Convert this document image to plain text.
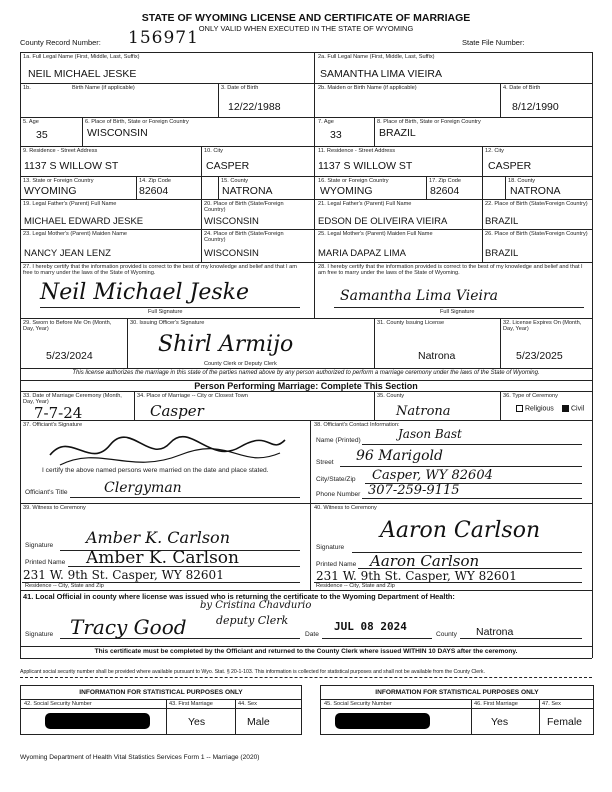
STATE OF WYOMING LICENSE AND CERTIFICATE OF MARRIAGE
ONLY VALID WHEN EXECUTED IN THE STATE OF WYOMING
County Record Number: 156971	State File Number:
1a. Full Legal Name (First, Middle, Last, Suffix)
NEIL MICHAEL JESKE
2a. Full Legal Name (First, Middle, Last, Suffix)
SAMANTHA LIMA VIEIRA
1b.	Birth Name (if applicable)	3. Date of Birth
12/22/1988
2b. Maiden or Birth Name (if applicable)	4. Date of Birth
8/12/1990
5. Age
35
6. Place of Birth, State or Foreign Country
WISCONSIN
7. Age
33
8. Place of Birth, State or Foreign Country
BRAZIL
9. Residence - Street Address
1137 S WILLOW ST
10. City
CASPER
11. Residence - Street Address
1137 S WILLOW ST
12. City
CASPER
13. State or Foreign Country
WYOMING
14. Zip Code
82604
15. County
NATRONA
16. State or Foreign Country
WYOMING
17. Zip Code
82604
18. County
NATRONA
19. Legal Father's (Parent) Full Name
MICHAEL EDWARD JESKE
20. Place of Birth (State/Foreign Country)
WISCONSIN
21. Legal Father's (Parent) Full Name
EDSON DE OLIVEIRA VIEIRA
22. Place of Birth (State/Foreign Country)
BRAZIL
23. Legal Mother's (Parent) Maiden Name
NANCY JEAN LENZ
24. Place of Birth (State/Foreign Country)
WISCONSIN
25. Legal Mother's (Parent) Maiden Full Name
MARIA DAPAZ LIMA
26. Place of Birth (State/Foreign Country)
BRAZIL
27. I hereby certify that the information provided is correct to the best of my knowledge and belief and that I am free to marry under the laws of the State of Wyoming.
Neil Michael Jeske
Full Signature
28. I hereby certify that the information provided is correct to the best of my knowledge and belief and that I am free to marry under the laws of the State of Wyoming.
Samantha Lima Vieira
Full Signature
29. Sworn to Before Me On (Month, Day, Year)
5/23/2024
30. Issuing Officer's Signature
Shirl Armijo
County Clerk or Deputy Clerk
31. County Issuing License
Natrona
32. License Expires On (Month, Day, Year)
5/23/2025
This license authorizes the marriage in this state of the parties named above by any person authorized to perform a marriage ceremony under the laws of the State of Wyoming.
Person Performing Marriage: Complete This Section
33. Date of Marriage Ceremony (Month, Day, Year)
7-7-24
34. Place of Marriage -- City or Closest Town
Casper
35. County
Natrona
36. Type of Ceremony
Religious	Civil
37. Officiant's Signature
I certify the above named persons were married on the date and place stated.
Officiant's Title	Clergyman
38. Officiant's Contact Information:
Name (Printed)	Jason Bast
Street 96 Marigold
City/State/Zip Casper, WY 82604
Phone Number 307-259-9115
39. Witness to Ceremony
Signature Amber K. Carlson
Printed Name Amber K. Carlson
231 W. 9th St. Casper, WY 82601
Residence -- City, State and Zip
40. Witness to Ceremony
Signature
Aaron Carlson
Printed Name Aaron Carlson
231 W. 9th St. Casper, WY 82601
Residence -- City, State and Zip
41. Local Official in county where license was issued who is returning the certificate to the Wyoming Department of Health:
Signature Tracy Good
by Cristina Chavdurio
deputy Clerk
Date
JUL 08 2024
County Natrona
This certificate must be completed by the Officiant and returned to the County Clerk where issued WITHIN 10 DAYS after the ceremony.
Applicant social security number shall be provided where available pursuant to Wyo. Stat. § 20-1-103. This information is collected for statistical purposes and shall not be available from the County Clerk.
INFORMATION FOR STATISTICAL PURPOSES ONLY
42. Social Security Number	43. First Marriage
Yes
44. Sex
Male
INFORMATION FOR STATISTICAL PURPOSES ONLY
45. Social Security Number	46. First Marriage
Yes
47. Sex
Female
Wyoming Department of Health Vital Statistics Services Form 1 -- Marriage (2020)
